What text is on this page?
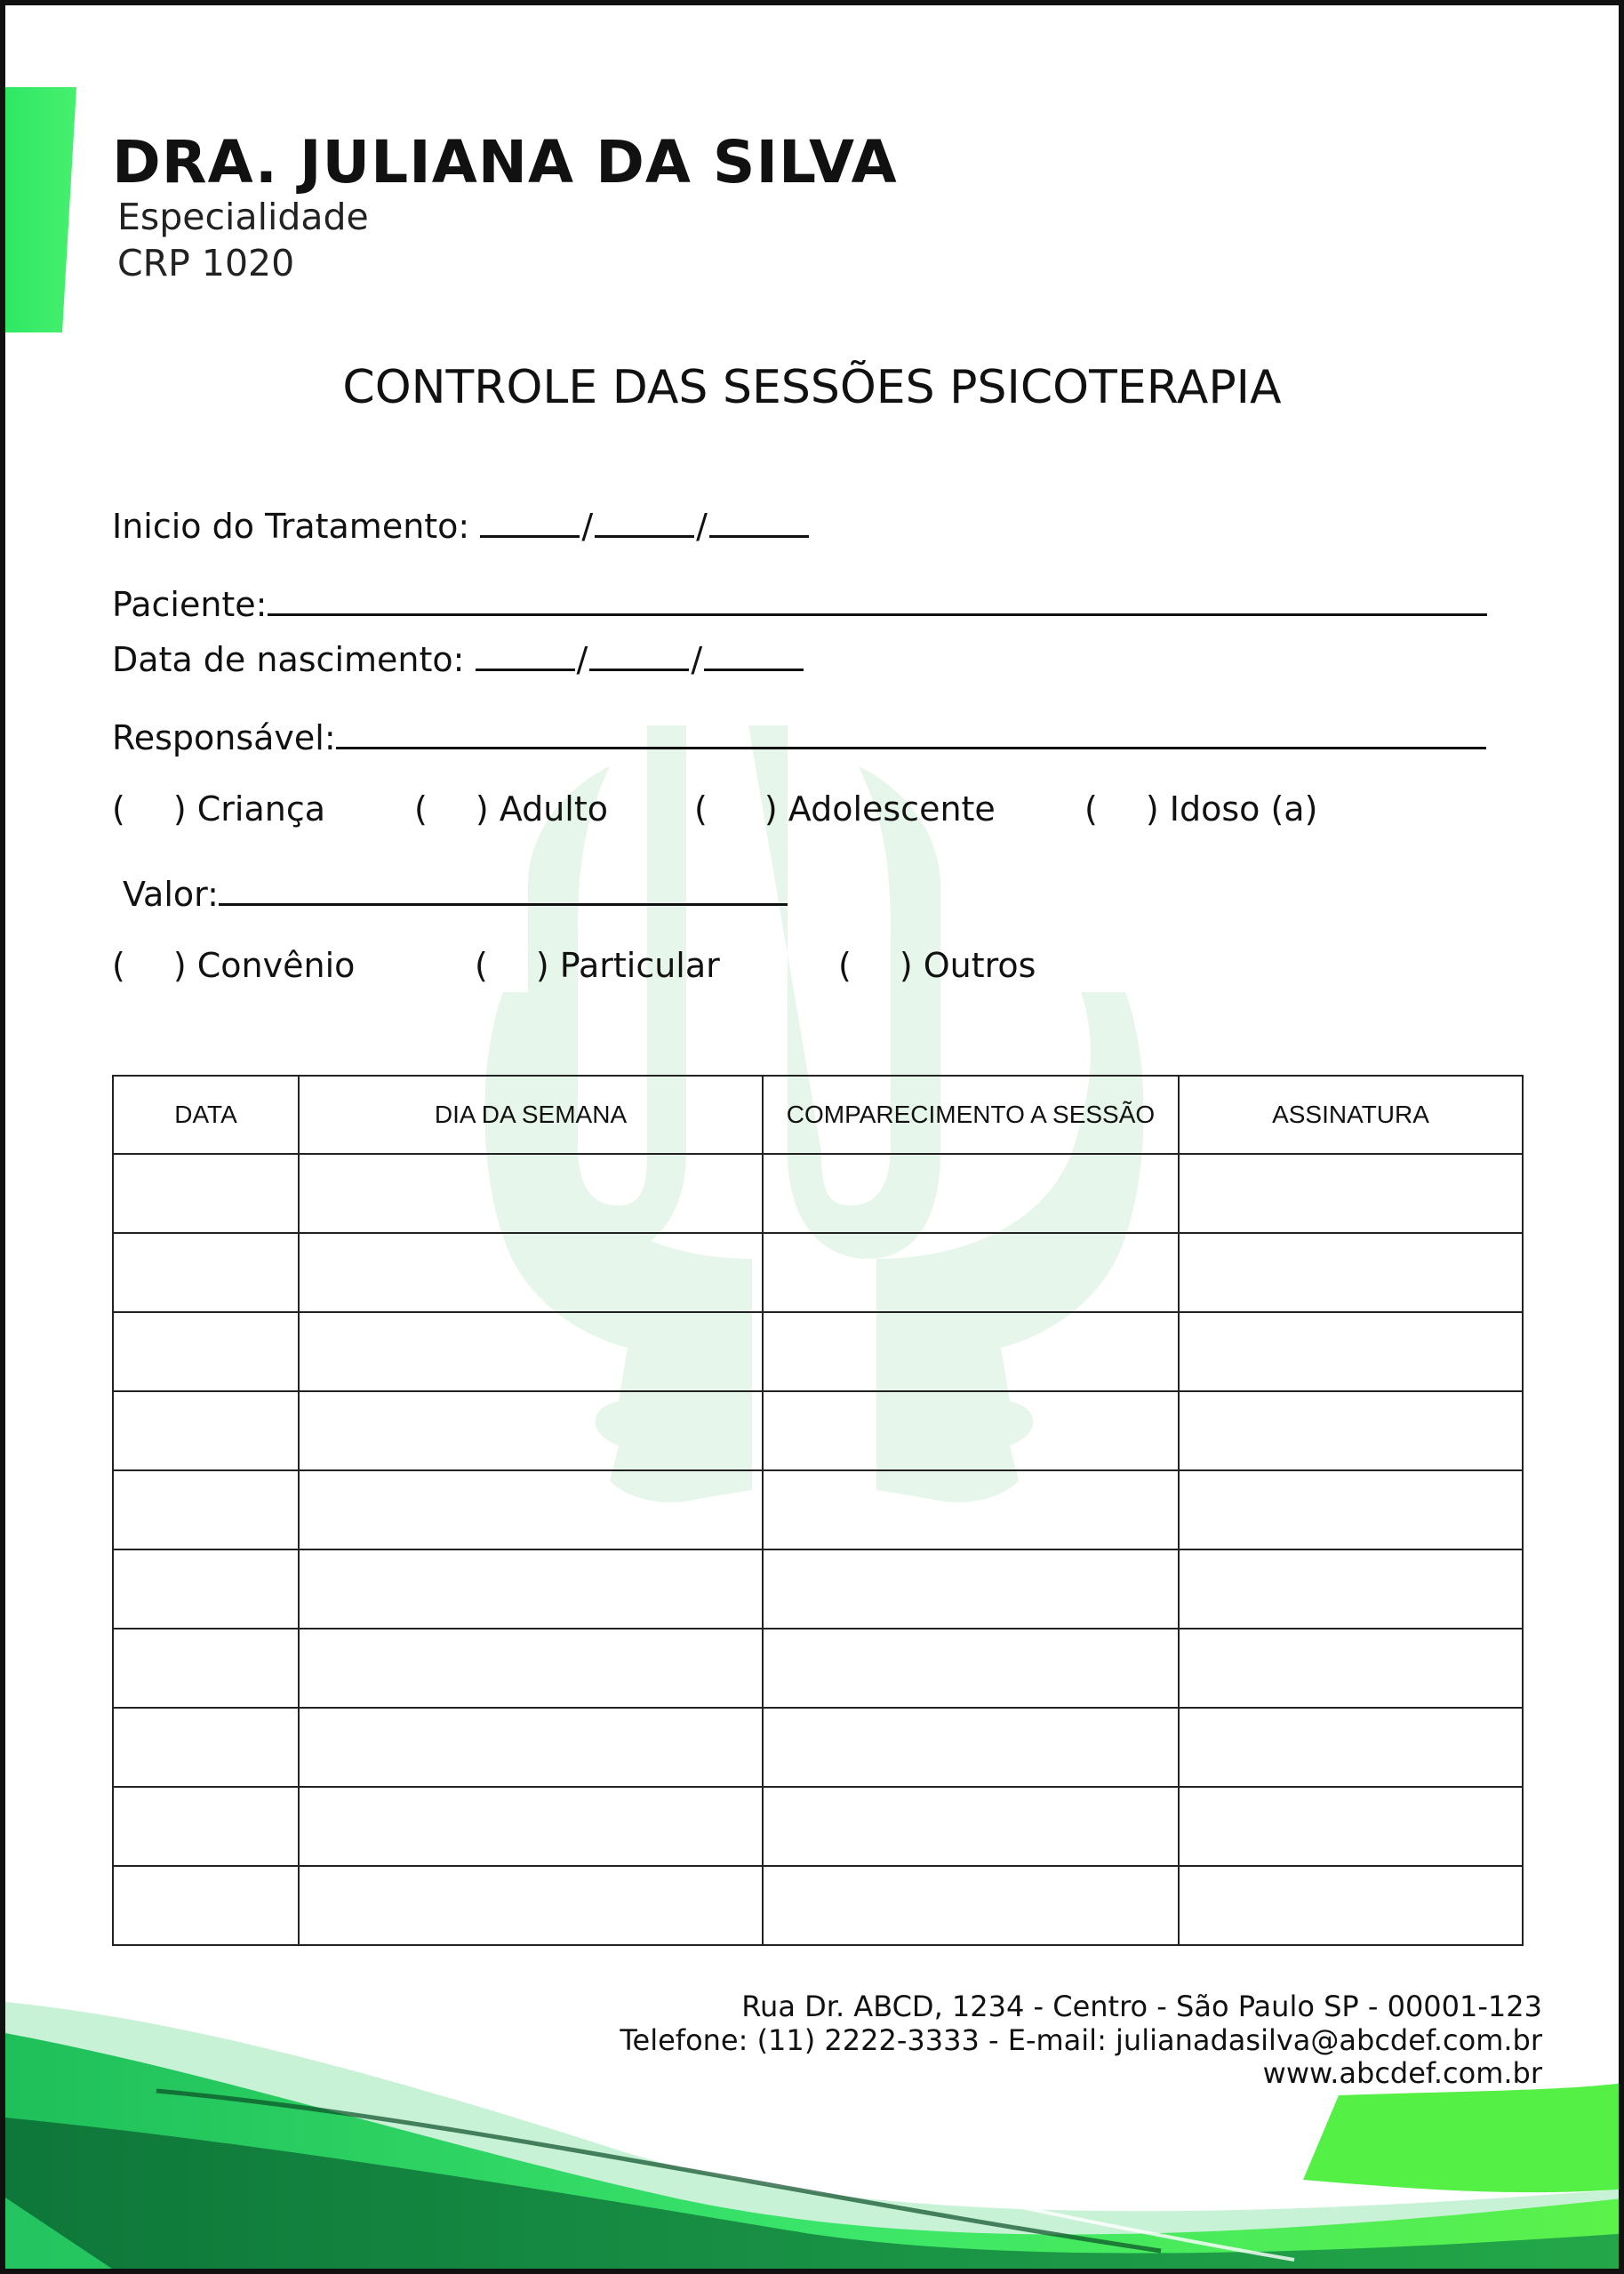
DRA. JULIANA DA SILVA
Especialidade
CRP 1020
CONTROLE DAS SESSÕES PSICOTERAPIA
Inicio do Tratamento:	/	/
Paciente:
Data de nascimento:	/	/
Responsável:
( ) Criança	( ) Adulto	( ) Adolescente	( ) Idoso (a)
Valor:
( ) Convênio	( ) Particular	( ) Outros
DATA	DIA DA SEMANA	COMPARECIMENTO A SESSÃO	ASSINATURA

Rua Dr. ABCD, 1234 - Centro - São Paulo SP - 00001-123
Telefone: (11) 2222-3333 - E-mail: julianadasilva@abcdef.com.br
www.abcdef.com.br
